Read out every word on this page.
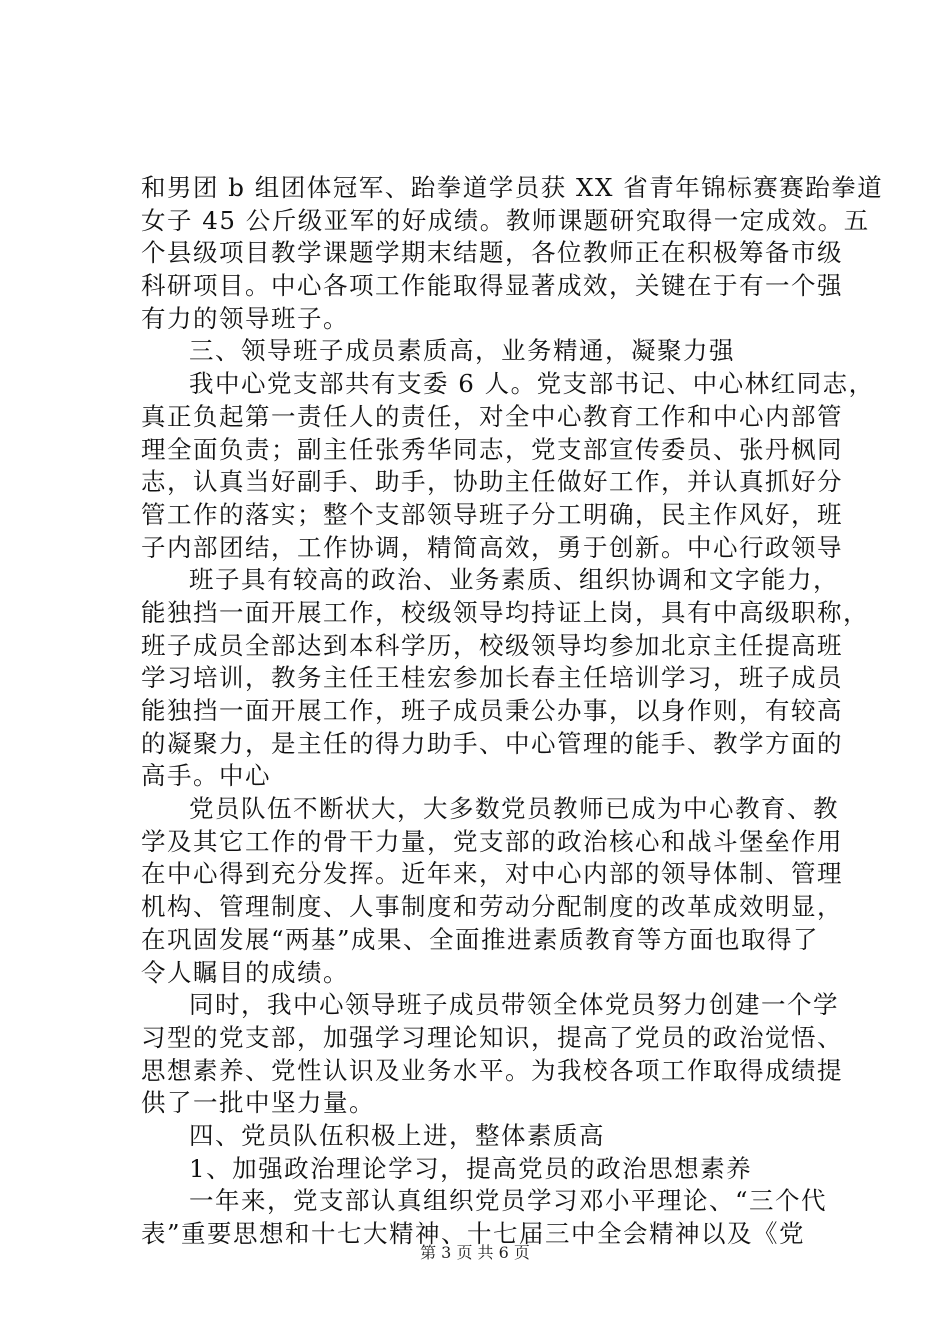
和男团 b 组团体冠军、跆拳道学员获 XX 省青年锦标赛赛跆拳道
女子 45 公斤级亚军的好成绩。教师课题研究取得一定成效。五
个县级项目教学课题学期末结题，各位教师正在积极筹备市级
科研项目。中心各项工作能取得显著成效，关键在于有一个强
有力的领导班子。
三、领导班子成员素质高，业务精通，凝聚力强
我中心党支部共有支委 6 人。党支部书记、中心林红同志，
真正负起第一责任人的责任，对全中心教育工作和中心内部管
理全面负责；副主任张秀华同志，党支部宣传委员、张丹枫同
志，认真当好副手、助手，协助主任做好工作，并认真抓好分
管工作的落实；整个支部领导班子分工明确，民主作风好，班
子内部团结，工作协调，精简高效，勇于创新。中心行政领导
班子具有较高的政治、业务素质、组织协调和文字能力，
能独挡一面开展工作，校级领导均持证上岗，具有中高级职称，
班子成员全部达到本科学历，校级领导均参加北京主任提高班
学习培训，教务主任王桂宏参加长春主任培训学习，班子成员
能独挡一面开展工作，班子成员秉公办事，以身作则，有较高
的凝聚力，是主任的得力助手、中心管理的能手、教学方面的
高手。中心
党员队伍不断状大，大多数党员教师已成为中心教育、教
学及其它工作的骨干力量，党支部的政治核心和战斗堡垒作用
在中心得到充分发挥。近年来，对中心内部的领导体制、管理
机构、管理制度、人事制度和劳动分配制度的改革成效明显，
在巩固发展“两基”成果、全面推进素质教育等方面也取得了
令人瞩目的成绩。
同时，我中心领导班子成员带领全体党员努力创建一个学
习型的党支部，加强学习理论知识，提高了党员的政治觉悟、
思想素养、党性认识及业务水平。为我校各项工作取得成绩提
供了一批中坚力量。
四、党员队伍积极上进，整体素质高
1、加强政治理论学习，提高党员的政治思想素养
一年来，党支部认真组织党员学习邓小平理论、“三个代
表”重要思想和十七大精神、十七届三中全会精神以及《党
第 3 页 共 6 页
